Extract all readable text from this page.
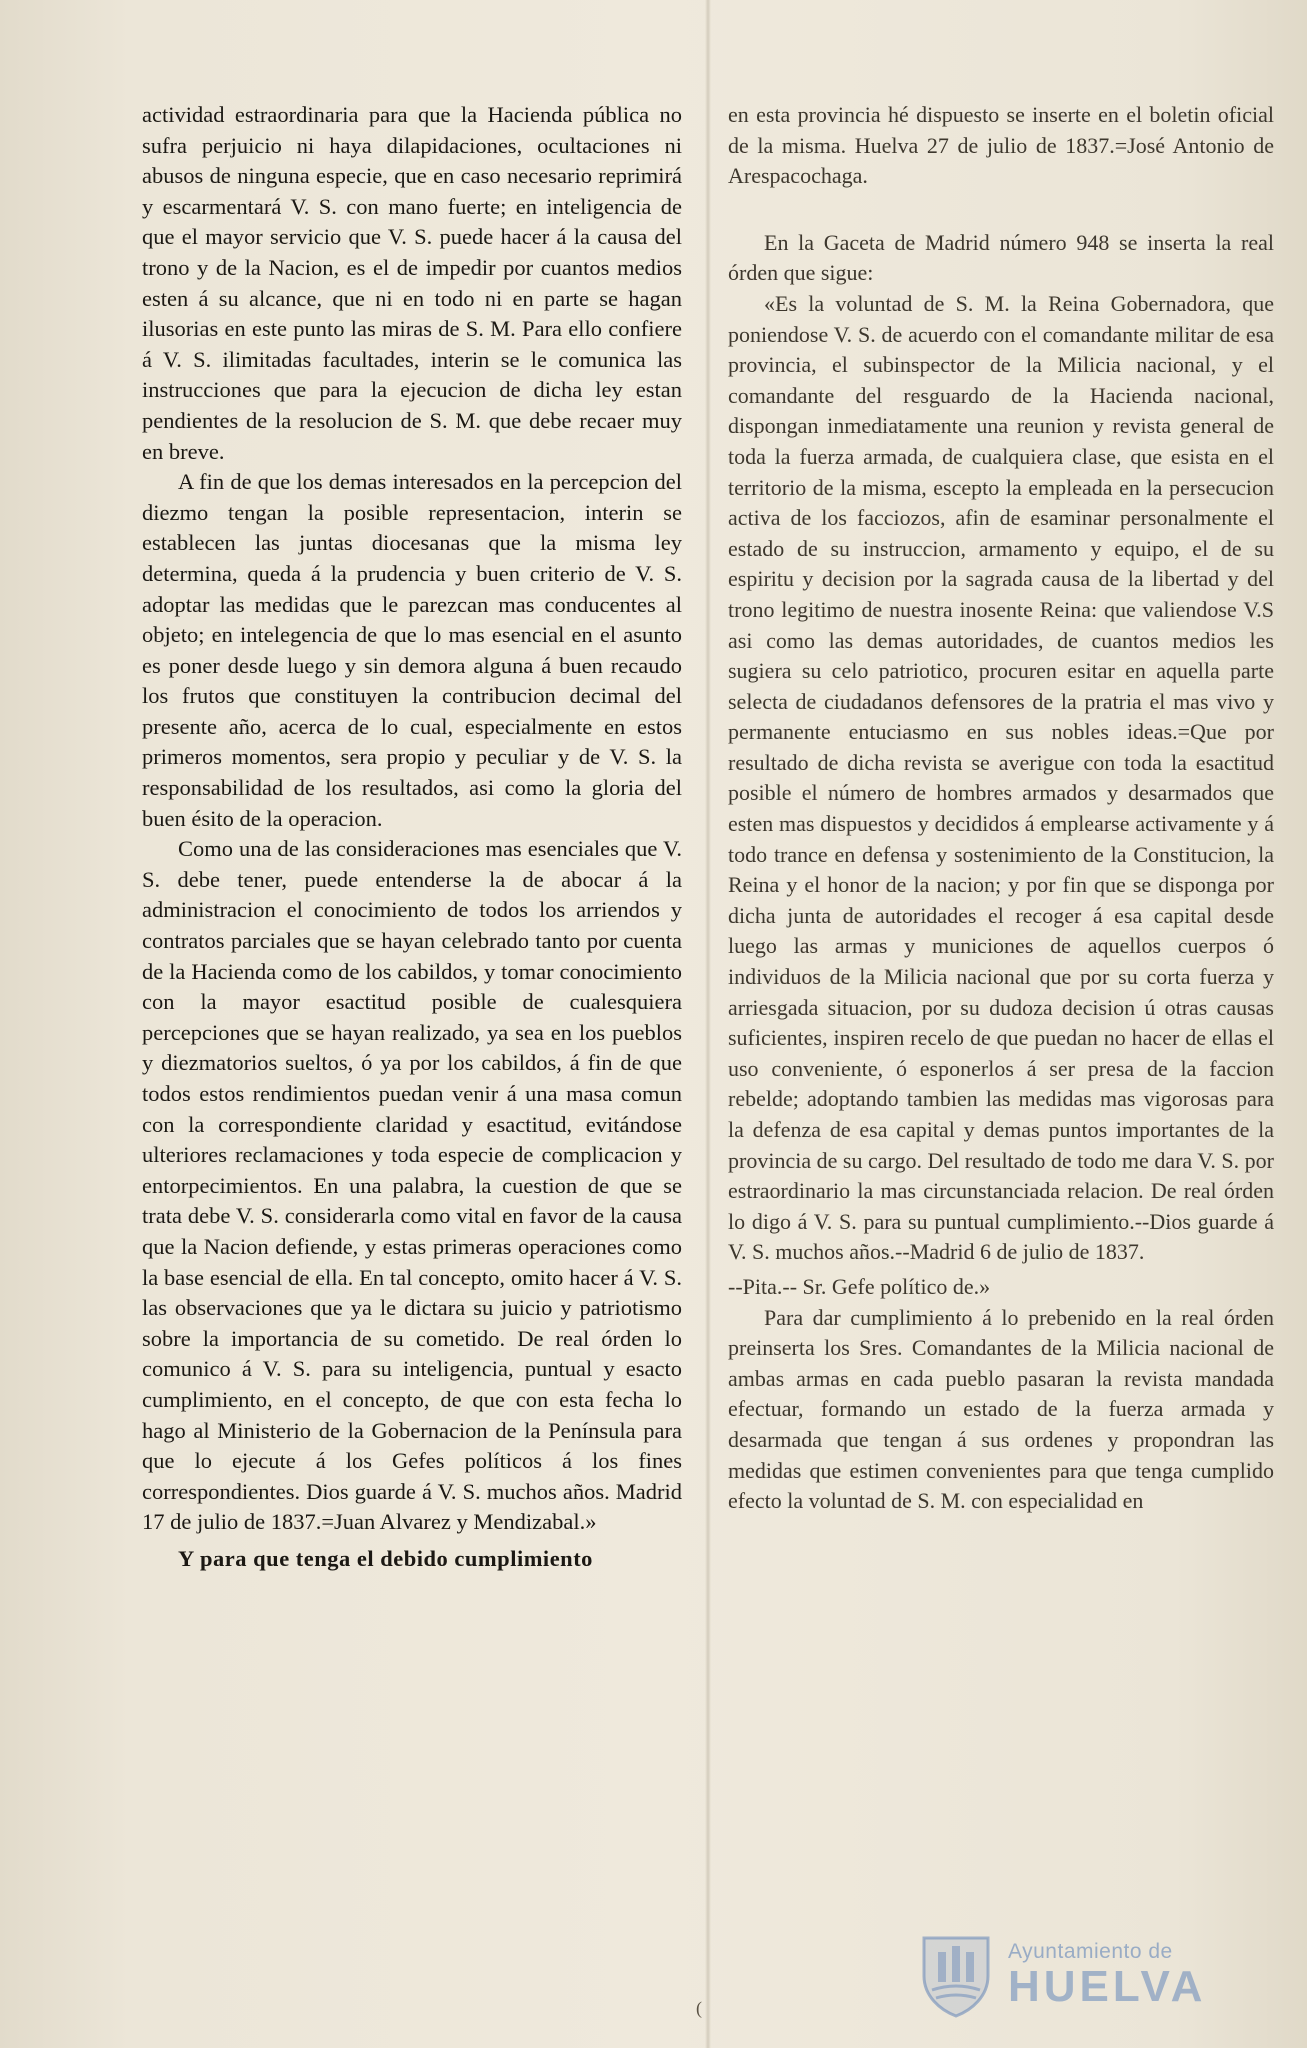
actividad estraordinaria para que la Hacienda pública no sufra perjuicio ni haya dilapidaciones, ocultaciones ni abusos de ninguna especie, que en caso necesario reprimirá y escarmentará V. S. con mano fuerte; en inteligencia de que el mayor servicio que V. S. puede hacer á la causa del trono y de la Nacion, es el de impedir por cuantos medios esten á su alcance, que ni en todo ni en parte se hagan ilusorias en este punto las miras de S. M. Para ello confiere á V. S. ilimitadas facultades, interin se le comunica las instrucciones que para la ejecucion de dicha ley estan pendientes de la resolucion de S. M. que debe recaer muy en breve.

A fin de que los demas interesados en la percepcion del diezmo tengan la posible representacion, interin se establecen las juntas diocesanas que la misma ley determina, queda á la prudencia y buen criterio de V. S. adoptar las medidas que le parezcan mas conducentes al objeto; en intelegencia de que lo mas esencial en el asunto es poner desde luego y sin demora alguna á buen recaudo los frutos que constituyen la contribucion decimal del presente año, acerca de lo cual, especialmente en estos primeros momentos, sera propio y peculiar y de V. S. la responsabilidad de los resultados, asi como la gloria del buen ésito de la operacion.

Como una de las consideraciones mas esenciales que V. S. debe tener, puede entenderse la de abocar á la administracion el conocimiento de todos los arriendos y contratos parciales que se hayan celebrado tanto por cuenta de la Hacienda como de los cabildos, y tomar conocimiento con la mayor esactitud posible de cualesquiera percepciones que se hayan realizado, ya sea en los pueblos y diezmatorios sueltos, ó ya por los cabildos, á fin de que todos estos rendimientos puedan venir á una masa comun con la correspondiente claridad y esactitud, evitándose ulteriores reclamaciones y toda especie de complicacion y entorpecimientos. En una palabra, la cuestion de que se trata debe V. S. considerarla como vital en favor de la causa que la Nacion defiende, y estas primeras operaciones como la base esencial de ella. En tal concepto, omito hacer á V. S. las observaciones que ya le dictara su juicio y patriotismo sobre la importancia de su cometido. De real órden lo comunico á V. S. para su inteligencia, puntual y esacto cumplimiento, en el concepto, de que con esta fecha lo hago al Ministerio de la Gobernacion de la Península para que lo ejecute á los Gefes políticos á los fines correspondientes. Dios guarde á V. S. muchos años. Madrid 17 de julio de 1837.=Juan Alvarez y Mendizabal.»

Y para que tenga el debido cumplimiento

en esta provincia hé dispuesto se inserte en el boletin oficial de la misma. Huelva 27 de julio de 1837.=José Antonio de Arespacochaga.

En la Gaceta de Madrid número 948 se inserta la real órden que sigue:

«Es la voluntad de S. M. la Reina Gobernadora, que poniendose V. S. de acuerdo con el comandante militar de esa provincia, el subinspector de la Milicia nacional, y el comandante del resguardo de la Hacienda nacional, dispongan inmediatamente una reunion y revista general de toda la fuerza armada, de cualquiera clase, que esista en el territorio de la misma, escepto la empleada en la persecucion activa de los facciozos, afin de esaminar personalmente el estado de su instruccion, armamento y equipo, el de su espiritu y decision por la sagrada causa de la libertad y del trono legitimo de nuestra inosente Reina: que valiendose V.S asi como las demas autoridades, de cuantos medios les sugiera su celo patriotico, procuren esitar en aquella parte selecta de ciudadanos defensores de la pratria el mas vivo y permanente entuciasmo en sus nobles ideas.=Que por resultado de dicha revista se averigue con toda la esactitud posible el número de hombres armados y desarmados que esten mas dispuestos y decididos á emplearse activamente y á todo trance en defensa y sostenimiento de la Constitucion, la Reina y el honor de la nacion; y por fin que se disponga por dicha junta de autoridades el recoger á esa capital desde luego las armas y municiones de aquellos cuerpos ó individuos de la Milicia nacional que por su corta fuerza y arriesgada situacion, por su dudoza decision ú otras causas suficientes, inspiren recelo de que puedan no hacer de ellas el uso conveniente, ó esponerlos á ser presa de la faccion rebelde; adoptando tambien las medidas mas vigorosas para la defenza de esa capital y demas puntos importantes de la provincia de su cargo. Del resultado de todo me dara V. S. por estraordinario la mas circunstanciada relacion. De real órden lo digo á V. S. para su puntual cumplimiento.--Dios guarde á V. S. muchos años.--Madrid 6 de julio de 1837.

--Pita.-- Sr. Gefe político de.»

Para dar cumplimiento á lo prebenido en la real órden preinserta los Sres. Comandantes de la Milicia nacional de ambas armas en cada pueblo pasaran la revista mandada efectuar, formando un estado de la fuerza armada y desarmada que tengan á sus ordenes y propondran las medidas que estimen convenientes para que tenga cumplido efecto la voluntad de S. M. con especialidad en

(
Ayuntamiento de
HUELVA
